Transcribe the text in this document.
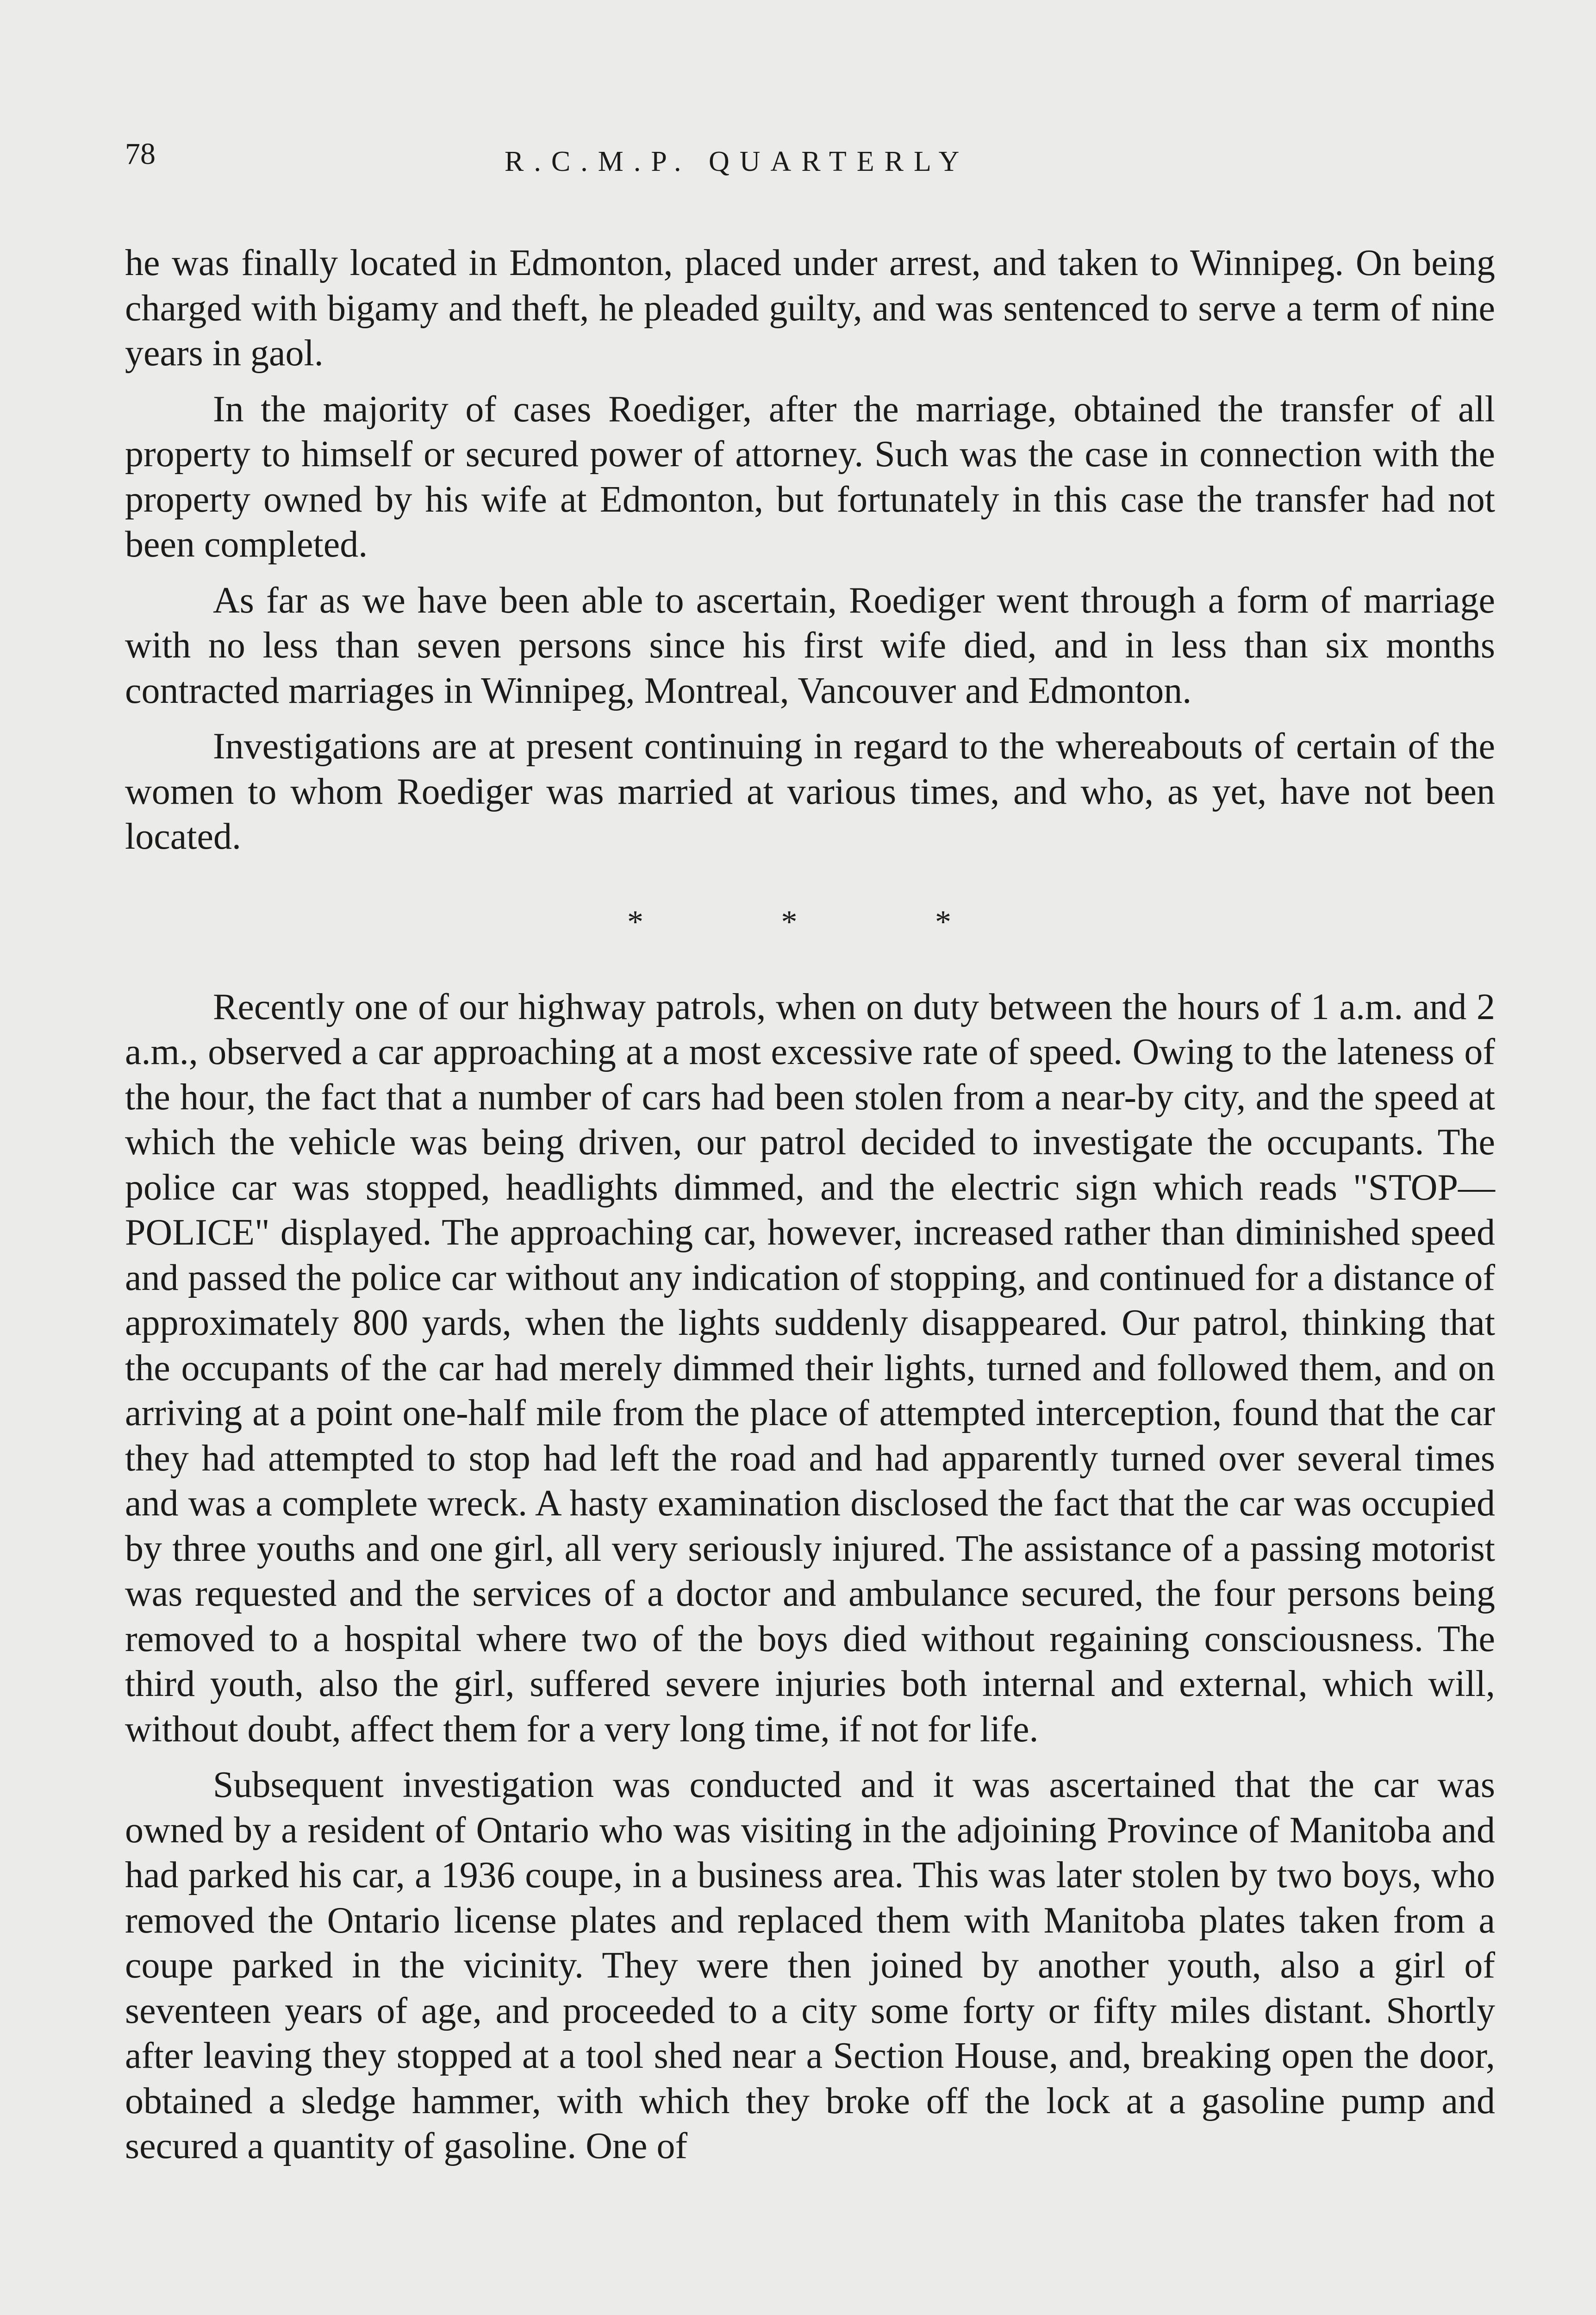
78	R.C.M.P. QUARTERLY

he was finally located in Edmonton, placed under arrest, and taken to Winnipeg. On being charged with bigamy and theft, he pleaded guilty, and was sentenced to serve a term of nine years in gaol.

In the majority of cases Roediger, after the marriage, obtained the transfer of all property to himself or secured power of attorney. Such was the case in connection with the property owned by his wife at Edmonton, but fortunately in this case the transfer had not been completed.

As far as we have been able to ascertain, Roediger went through a form of marriage with no less than seven persons since his first wife died, and in less than six months contracted marriages in Winnipeg, Montreal, Vancouver and Edmonton.

Investigations are at present continuing in regard to the whereabouts of certain of the women to whom Roediger was married at various times, and who, as yet, have not been located.

*	*	*

Recently one of our highway patrols, when on duty between the hours of 1 a.m. and 2 a.m., observed a car approaching at a most excessive rate of speed. Owing to the lateness of the hour, the fact that a number of cars had been stolen from a near-by city, and the speed at which the vehicle was being driven, our patrol decided to investigate the occupants. The police car was stopped, headlights dimmed, and the electric sign which reads "STOP—POLICE" displayed. The approaching car, however, increased rather than diminished speed and passed the police car without any indication of stopping, and continued for a distance of approximately 800 yards, when the lights suddenly disappeared. Our patrol, thinking that the occupants of the car had merely dimmed their lights, turned and followed them, and on arriving at a point one-half mile from the place of attempted interception, found that the car they had attempted to stop had left the road and had apparently turned over several times and was a complete wreck. A hasty examination disclosed the fact that the car was occupied by three youths and one girl, all very seriously injured. The assistance of a passing motorist was requested and the services of a doctor and ambulance secured, the four persons being removed to a hospital where two of the boys died without regaining consciousness. The third youth, also the girl, suffered severe injuries both internal and external, which will, without doubt, affect them for a very long time, if not for life.

Subsequent investigation was conducted and it was ascertained that the car was owned by a resident of Ontario who was visiting in the adjoining Province of Manitoba and had parked his car, a 1936 coupe, in a business area. This was later stolen by two boys, who removed the Ontario license plates and replaced them with Manitoba plates taken from a coupe parked in the vicinity. They were then joined by another youth, also a girl of seventeen years of age, and proceeded to a city some forty or fifty miles distant. Shortly after leaving they stopped at a tool shed near a Section House, and, breaking open the door, obtained a sledge hammer, with which they broke off the lock at a gasoline pump and secured a quantity of gasoline. One of
